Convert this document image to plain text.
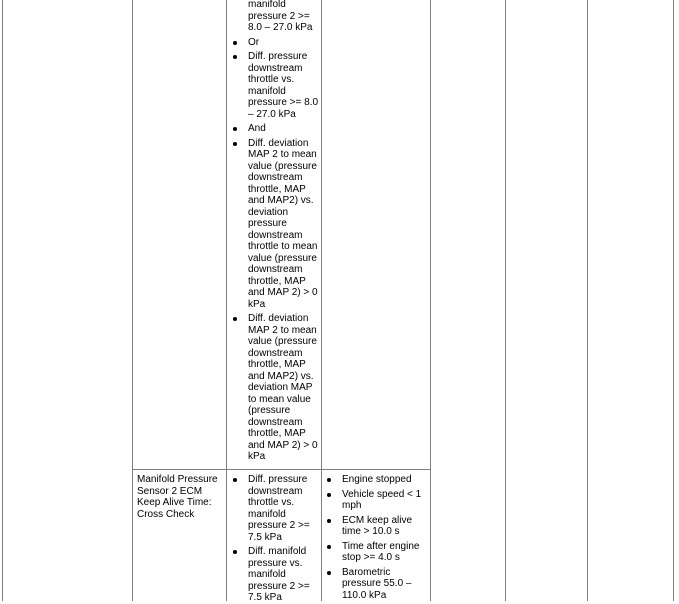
manifold pressure 2 >= 8.0 – 27.0 kPa
Or
Diff. pressure downstream throttle vs. manifold pressure >= 8.0 – 27.0 kPa
And
Diff. deviation MAP 2 to mean value (pressure downstream throttle, MAP and MAP2) vs. deviation pressure downstream throttle to mean value (pressure downstream throttle, MAP and MAP 2) > 0 kPa
Diff. deviation MAP 2 to mean value (pressure downstream throttle, MAP and MAP2) vs. deviation MAP to mean value (pressure downstream throttle, MAP and MAP 2) > 0 kPa
Manifold Pressure Sensor 2 ECM Keep Alive Time: Cross Check
Diff. pressure downstream throttle vs. manifold pressure 2 >= 7.5 kPa
Diff. manifold pressure vs. manifold pressure 2 >= 7.5 kPa
Engine stopped
Vehicle speed < 1 mph
ECM keep alive time > 10.0 s
Time after engine stop >= 4.0 s
Barometric pressure 55.0 – 110.0 kPa
